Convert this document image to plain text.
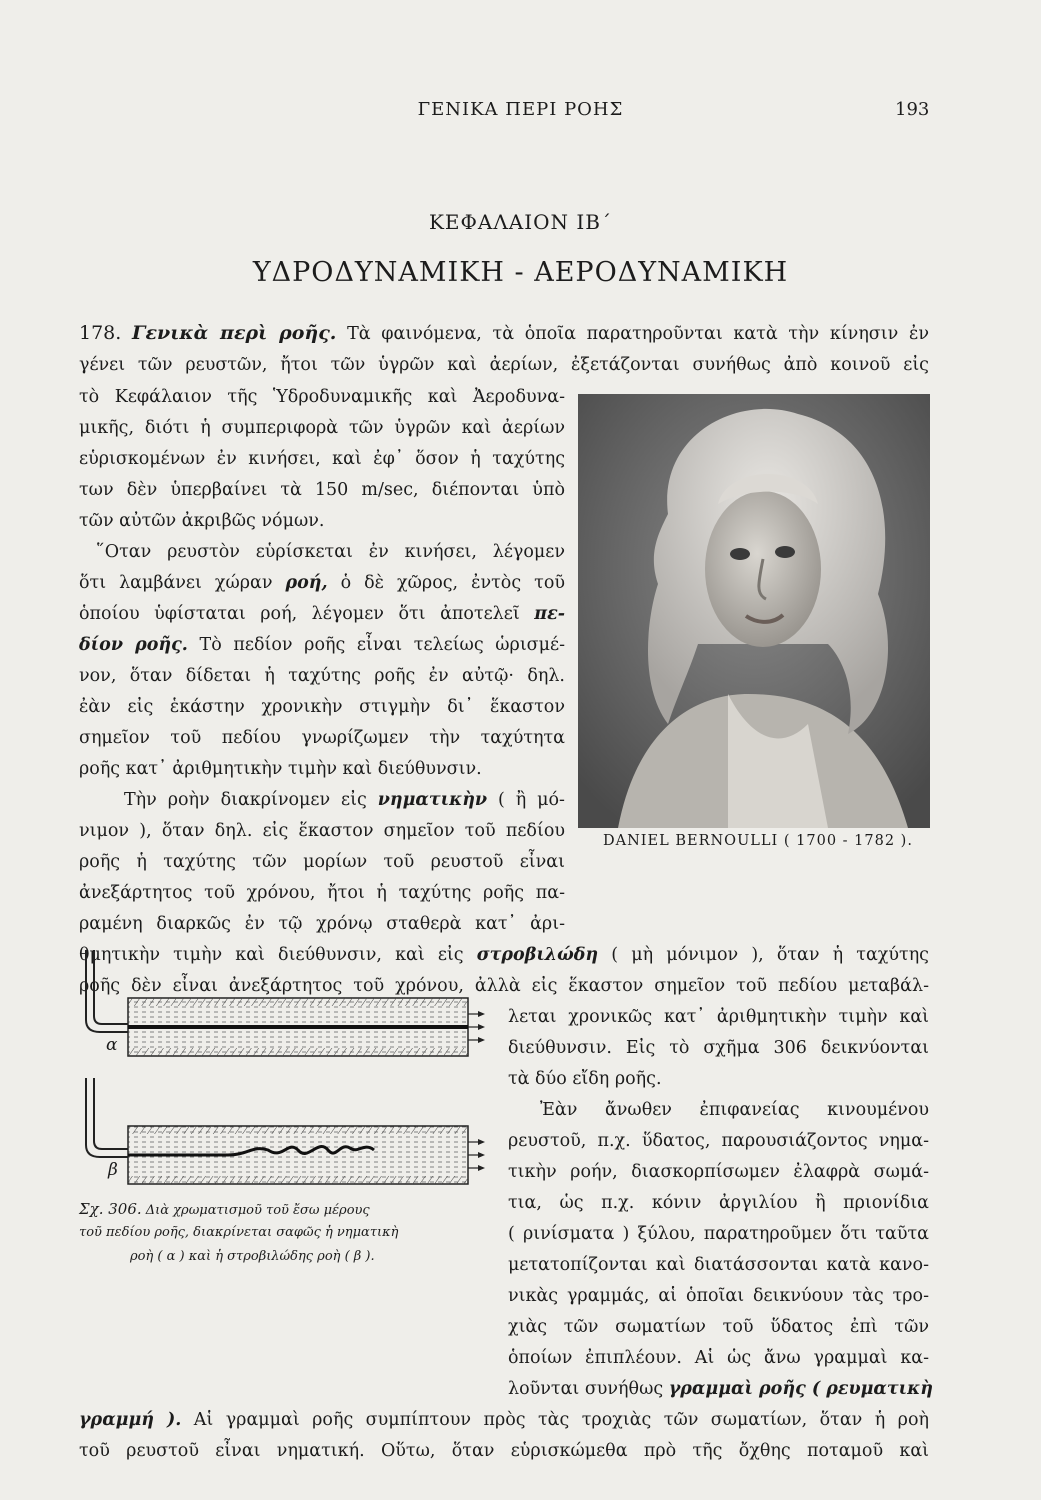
ΓΕΝΙΚΑ ΠΕΡΙ ΡΟΗΣ	193
ΚΕΦΑΛΑΙΟΝ ΙΒ΄
ΥΔΡΟΔΥΝΑΜΙΚΗ - ΑΕΡΟΔΥΝΑΜΙΚΗ
178. Γενικὰ περὶ ροῆς. Τὰ φαινόμενα, τὰ ὁποῖα παρατηροῦνται κατὰ τὴν κίνησιν ἐν
γένει τῶν ρευστῶν, ἤτοι τῶν ὑγρῶν καὶ ἀερίων, ἐξετάζονται συνήθως ἀπὸ κοινοῦ εἰς
τὸ Κεφάλαιον τῆς Ὑδροδυναμικῆς καὶ Ἀεροδυνα-
μικῆς, διότι ἡ συμπεριφορὰ τῶν ὑγρῶν καὶ ἀερίων
εὑρισκομένων ἐν κινήσει, καὶ ἐφ᾽ ὅσον ἡ ταχύτης
των δὲν ὑπερβαίνει τὰ 150 m/sec, διέπονται ὑπὸ
τῶν αὐτῶν ἀκριβῶς νόμων.
῞Οταν ρευστὸν εὑρίσκεται ἐν κινήσει, λέγομεν
ὅτι λαμβάνει χώραν ροή, ὁ δὲ χῶρος, ἐντὸς τοῦ
ὁποίου ὑφίσταται ροή, λέγομεν ὅτι ἀποτελεῖ πε-
δίον ροῆς. Τὸ πεδίον ροῆς εἶναι τελείως ὡρισμέ-
νον, ὅταν δίδεται ἡ ταχύτης ροῆς ἐν αὐτῷ· δηλ.
ἐὰν εἰς ἑκάστην χρονικὴν στιγμὴν δι᾽ ἕκαστον
σημεῖον τοῦ πεδίου γνωρίζωμεν τὴν ταχύτητα
ροῆς κατ᾽ ἀριθμητικὴν τιμὴν καὶ διεύθυνσιν.
Τὴν ροὴν διακρίνομεν εἰς νηματικὴν ( ἢ μό-
νιμον ), ὅταν δηλ. εἰς ἕκαστον σημεῖον τοῦ πεδίου
ροῆς ἡ ταχύτης τῶν μορίων τοῦ ρευστοῦ εἶναι
ἀνεξάρτητος τοῦ χρόνου, ἤτοι ἡ ταχύτης ροῆς πα-
ραμένη διαρκῶς ἐν τῷ χρόνῳ σταθερὰ κατ᾽ ἀρι-
θμητικὴν τιμὴν καὶ διεύθυνσιν, καὶ εἰς στροβιλώδη ( μὴ μόνιμον ), ὅταν ἡ ταχύτης
ροῆς δὲν εἶναι ἀνεξάρτητος τοῦ χρόνου, ἀλλὰ εἰς ἕκαστον σημεῖον τοῦ πεδίου μεταβάλ-
λεται χρονικῶς κατ᾽ ἀριθμητικὴν τιμὴν καὶ
διεύθυνσιν. Εἰς τὸ σχῆμα 306 δεικνύονται
τὰ δύο εἴδη ροῆς.
Ἐὰν ἄνωθεν ἐπιφανείας κινουμένου
ρευστοῦ, π.χ. ὕδατος, παρουσιάζοντος νημα-
τικὴν ροήν, διασκορπίσωμεν ἐλαφρὰ σωμά-
τια, ὡς π.χ. κόνιν ἀργιλίου ἢ πριονίδια
( ρινίσματα ) ξύλου, παρατηροῦμεν ὅτι ταῦτα
μετατοπίζονται καὶ διατάσσονται κατὰ κανο-
νικὰς γραμμάς, αἱ ὁποῖαι δεικνύουν τὰς τρο-
χιὰς τῶν σωματίων τοῦ ὕδατος ἐπὶ τῶν
ὁποίων ἐπιπλέουν. Αἱ ὡς ἄνω γραμμαὶ κα-
λοῦνται συνήθως γραμμαὶ ροῆς ( ρευματικὴ
γραμμή ). Αἱ γραμμαὶ ροῆς συμπίπτουν πρὸς τὰς τροχιὰς τῶν σωματίων, ὅταν ἡ ροὴ
τοῦ ρευστοῦ εἶναι νηματική. Οὕτω, ὅταν εὑρισκώμεθα πρὸ τῆς ὄχθης ποταμοῦ καὶ
DANIEL BERNOULLI ( 1700 - 1782 ).
α
β
Σχ. 306. Διὰ χρωματισμοῦ τοῦ ἔσω μέρους
τοῦ πεδίου ροῆς, διακρίνεται σαφῶς ἡ νηματικὴ
ροὴ ( α ) καὶ ἡ στροβιλώδης ροὴ ( β ).
